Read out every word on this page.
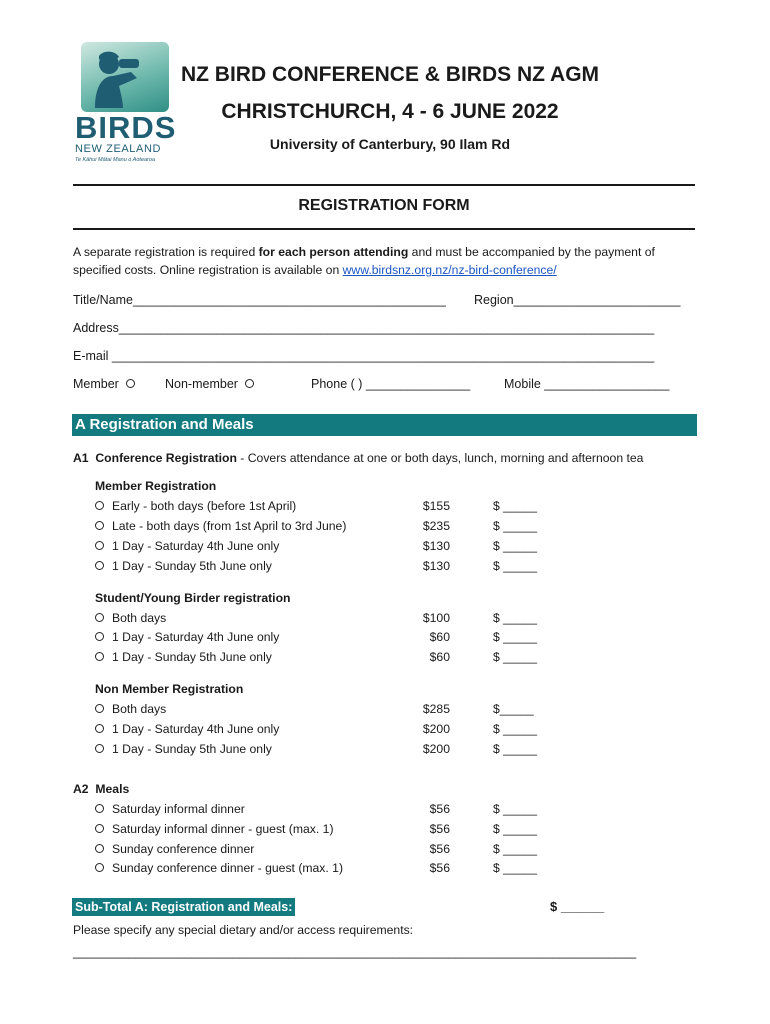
BIRDS
NEW ZEALAND
Te Kāhui Mātai Manu o Aotearoa
NZ BIRD CONFERENCE & BIRDS NZ AGM
CHRISTCHURCH, 4 - 6 JUNE 2022
University of Canterbury, 90 Ilam Rd
REGISTRATION FORM
A separate registration is required for each person attending and must be accompanied by the payment of specified costs. Online registration is available on www.birdsnz.org.nz/nz-bird-conference/
Title/Name_____________________________________________ Region________________________
Address_____________________________________________________________________________
E-mail ______________________________________________________________________________
Member	Non-member	Phone ( ) _______________	Mobile __________________
A Registration and Meals
A1 Conference Registration - Covers attendance at one or both days, lunch, morning and afternoon tea
Member Registration
Early - both days (before 1st April)	$155	$ _____
Late - both days (from 1st April to 3rd June)	$235	$ _____
1 Day - Saturday 4th June only	$130	$ _____
1 Day - Sunday 5th June only	$130	$ _____
Student/Young Birder registration
Both days	$100	$ _____
1 Day - Saturday 4th June only	$60	$ _____
1 Day - Sunday 5th June only	$60	$ _____
Non Member Registration
Both days	$285	$_____
1 Day - Saturday 4th June only	$200	$ _____
1 Day - Sunday 5th June only	$200	$ _____
A2 Meals
Saturday informal dinner	$56	$ _____
Saturday informal dinner - guest (max. 1)	$56	$ _____
Sunday conference dinner	$56	$ _____
Sunday conference dinner - guest (max. 1)	$56	$ _____
Sub-Total A: Registration and Meals:	$ ______
Please specify any special dietary and/or access requirements:
_________________________________________________________________________________
